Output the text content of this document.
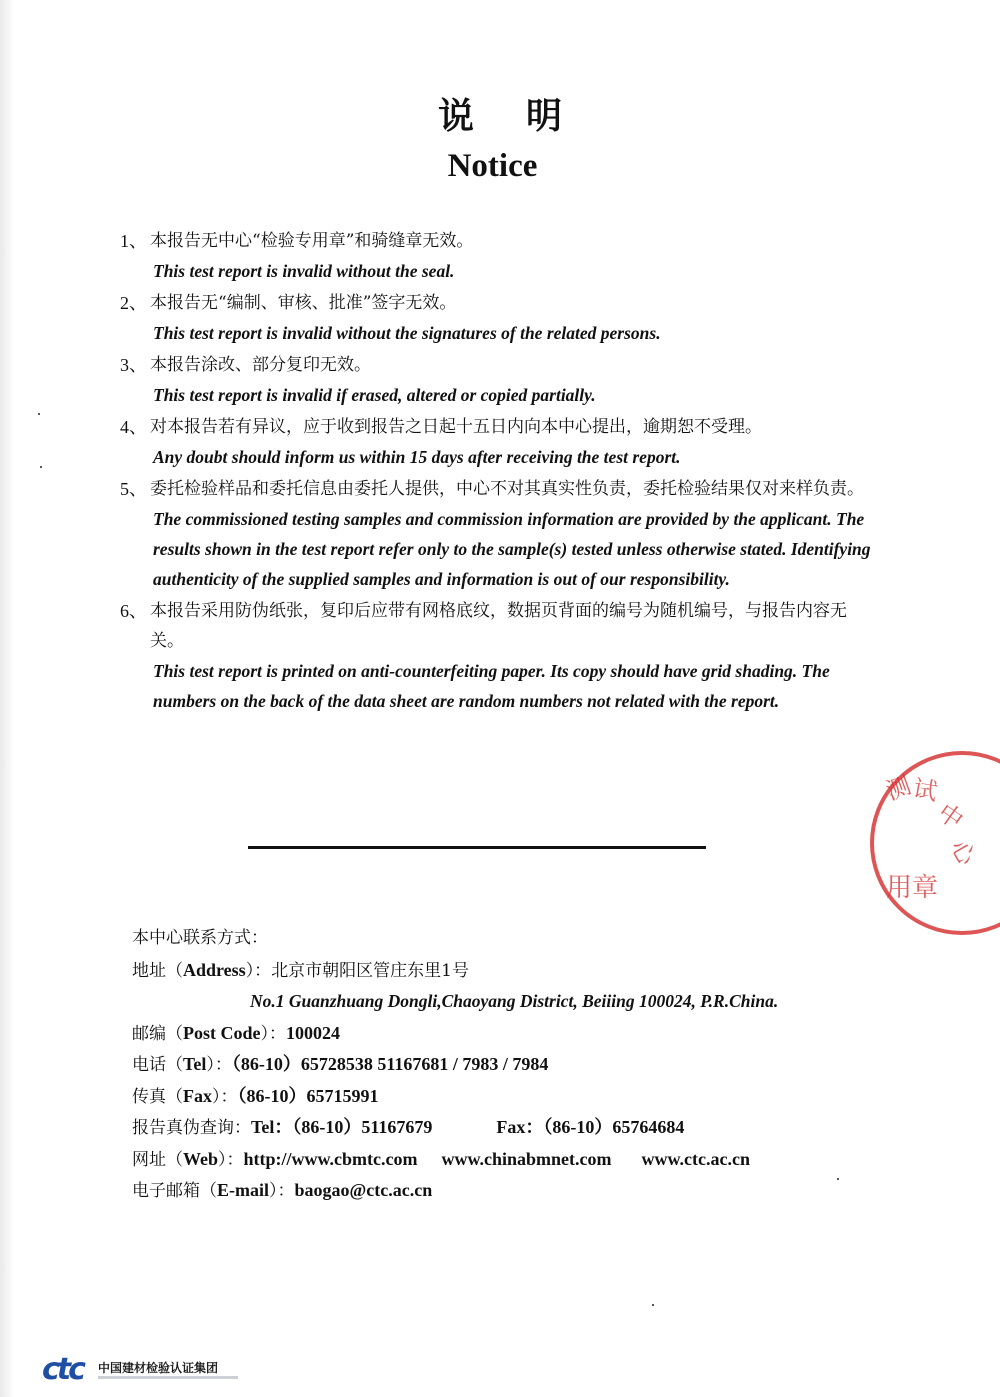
说明
Notice
1、 本报告无中心“检验专用章”和骑缝章无效。
This test report is invalid without the seal.
2、 本报告无“编制、审核、批准”签字无效。
This test report is invalid without the signatures of the related persons.
3、 本报告涂改、部分复印无效。
This test report is invalid if erased, altered or copied partially.
4、 对本报告若有异议，应于收到报告之日起十五日内向本中心提出，逾期恕不受理。
Any doubt should inform us within 15 days after receiving the test report.
5、 委托检验样品和委托信息由委托人提供，中心不对其真实性负责，委托检验结果仅对来样负责。
The commissioned testing samples and commission information are provided by the applicant. The results shown in the test report refer only to the sample(s) tested unless otherwise stated. Identifying authenticity of the supplied samples and information is out of our responsibility.
6、 本报告采用防伪纸张，复印后应带有网格底纹，数据页背面的编号为随机编号，与报告内容无关。
This test report is printed on anti-counterfeiting paper. Its copy should have grid shading. The numbers on the back of the data sheet are random numbers not related with the report.
测
试
中
心
用章
本中心联系方式：
地址（Address）：北京市朝阳区管庄东里1号
No.1 Guanzhuang Dongli,Chaoyang District, Beiiing 100024, P.R.China.
邮编（Post Code）：100024
电话（Tel）：（86-10）65728538 51167681 / 7983 / 7984
传真（Fax）：（86-10）65715991
报告真伪查询：Tel：（86-10）51167679	Fax：（86-10）65764684
网址（Web）：http://www.cbmtc.com www.chinabmnet.com www.ctc.ac.cn
电子邮箱（E-mail）：baogao@ctc.ac.cn
ctc 中国建材检验认证集团
